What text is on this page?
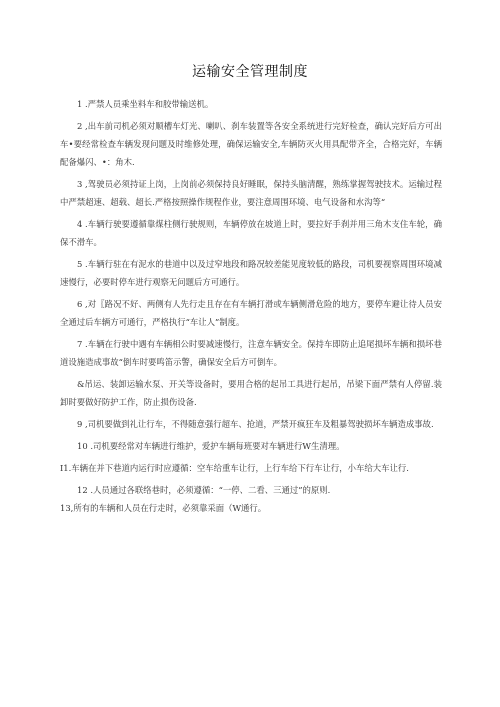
运输安全管理制度

1 .严禁人员乘坐料车和胶带输送机。

2 ,出车前司机必须对顺槽车灯光、喇叭、刹车装置等各安全系统进行完好检查，确认完好后方可出车•要经常检查车辆发现问题及时维修处理，确保运输安全,车辆防灭火用具配带齐全，合格完好，车辆配备爆闪、•：角木.

3 ,驾驶员必须持证上岗，上岗前必须保持良好睡眠，保持头脑清醒，熟练掌握驾驶技术。运输过程中严禁超速、超载、超长.严格按照操作规程作业，要注意周围环境、电气设备和水沟等“

4 .车辆行驶要遵循靠煤柱侧行驶规则，车辆停放在坡道上时，要拉好手刹并用三角木支住车轮，确保不滑车。

5 .车辆行驻在有泥水的巷道中以及过窄地段和路况较差能见度较低的路段，司机要视察周围环境减速慢行，必要时停车进行观察无问题后方可通行。

6 ,对〖路况不好、两侧有人先行走且存在有车辆打滑或车辆侧滑危险的地方，要停车避让待人员安全通过后车辆方可通行，严格执行“车让人”制度。

7 .车辆在行驶中遇有车辆相公时要减速慢行，注意车辆安全。保持车即防止追尾损坏车辆和损坏巷道设施造成事故“倒车时要鸣笛示警，确保安全后方可倒车。

&吊运、装卸运输水泵、开关等设备时，要用合格的起吊工具进行起吊，吊梁下面严禁有人停留.装卸时要做好防护工作，防止损伤设备.

9 ,司机要做到礼让行车，不得随意强行超车、抢道，严禁开疯狂车及粗暴驾驶损坏车辆造成事故.

10 .司机要经常对车辆进行维护，爱护车辆每班要对车辆进行W生清理。

I1.车辆在并下巷道内运行时应遵循：空车给重车让行，上行车给下行车让行，小车给大车让行.

12 .人员通过各联络巷时，必须遵循：“一停、二看、三通过”的原则.

13,所有的车辆和人员在行走时，必须靠采面（W通行。
